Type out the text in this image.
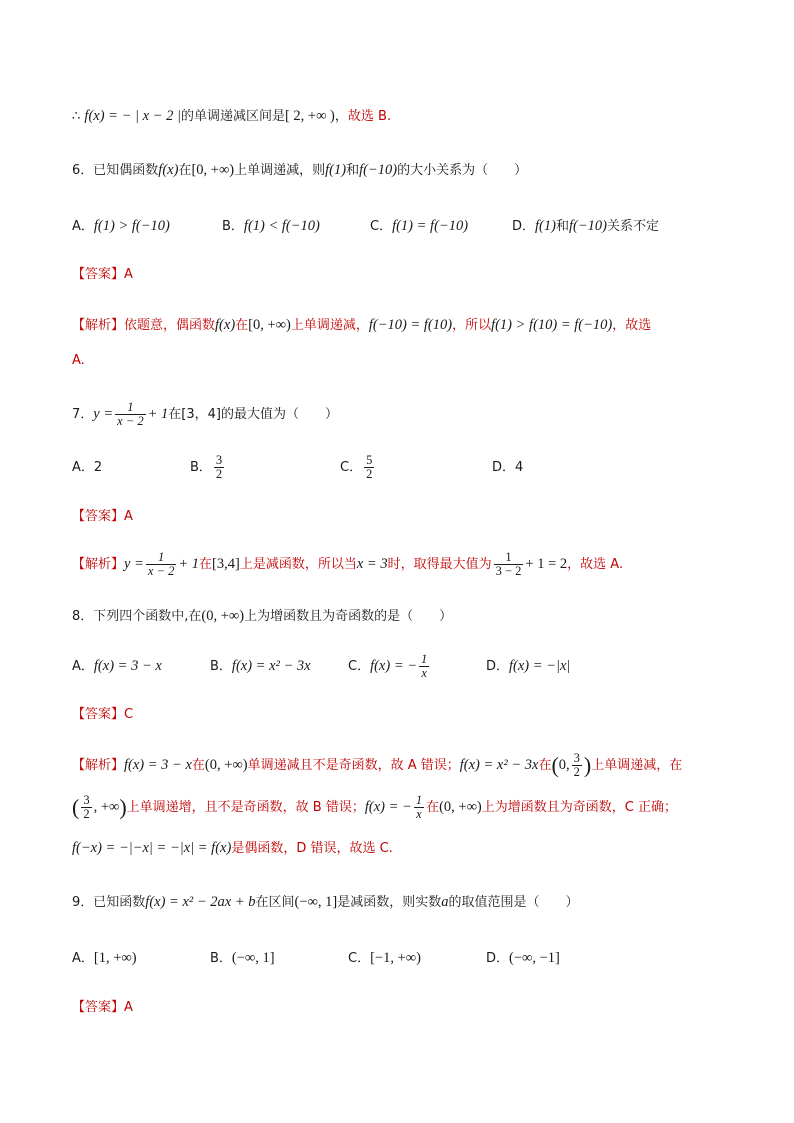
∴ f(x) = − | x − 2 |的单调递减区间是[ 2, +∞ )，故选 B.
6．已知偶函数f(x)在[0, +∞)上单调递减，则f(1)和f(−10)的大小关系为（　　）
A．f(1) > f(−10)	B．f(1) < f(−10)	C．f(1) = f(−10)	D．f(1)和f(−10)关系不定
【答案】A
【解析】依题意，偶函数f(x)在[0, +∞)上单调递减，f(−10) = f(10)，所以f(1) > f(10) = f(−10)，故选
A.
7．$y = \frac{1}{x - 2} + 1$在[3，4]的最大值为（　　）
A．2	B． $\frac{3}{2}$	C． $\frac{5}{2}$	D．4
【答案】A
【解析】$y = \frac{1}{x - 2} + 1$在[3,4]上是减函数，所以当x = 3时，取得最大值为 $\frac{1}{3 - 2} + 1 = 2$，故选 A.
8．下列四个函数中,在(0, +∞)上为增函数且为奇函数的是（　　）
A．f(x) = 3 − x	B．f(x) = x² − 3x	C．f(x) = − $\frac{1}{x}$	D．f(x) = −|x|
【答案】C
【解析】f(x) = 3 − x在(0, +∞)单调递减且不是奇函数，故 A 错误；f(x) = x² − 3x在(0, $\frac{3}{2}$ )上单调递减，在
( $\frac{3}{2}$ , +∞)上单调递增，且不是奇函数，故 B 错误；f(x) = − $\frac{1}{x}$ 在(0, +∞)上为增函数且为奇函数，C 正确；
f(−x) = −|−x| = −|x| = f(x)是偶函数，D 错误，故选 C.
9．已知函数f(x) = x² − 2ax + b在区间(−∞, 1]是减函数，则实数a的取值范围是（　　）
A．[1, +∞)	B．(−∞, 1]	C．[−1, +∞)	D．(−∞, −1]
【答案】A
